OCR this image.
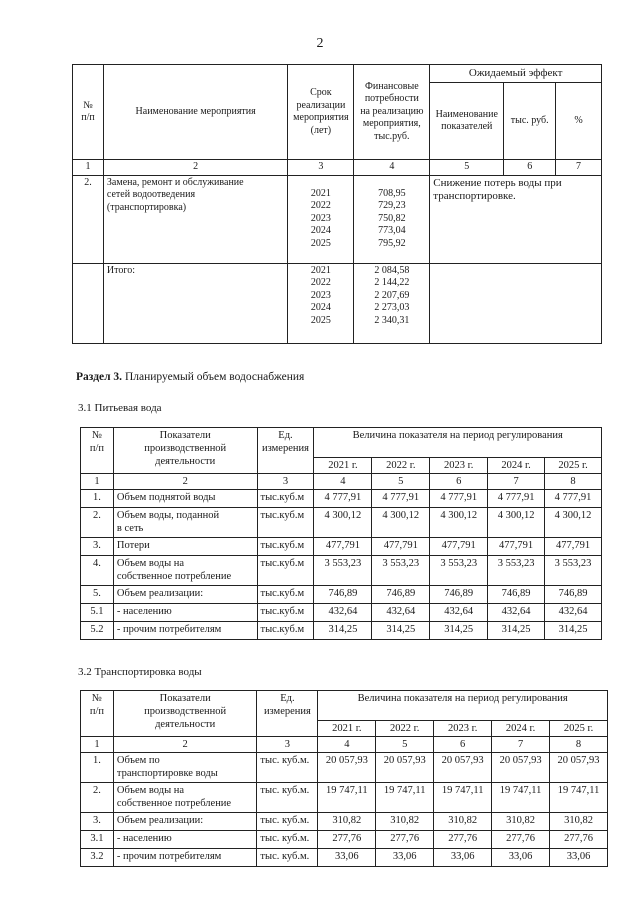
2
№
п/п	Наименование мероприятия	Срок
реализации
мероприятия
(лет)	Финансовые
потребности
на реализацию
мероприятия,
тыс.руб.	Ожидаемый эффект		
				Наименование
показателей	тыс. руб.	%
1	2	3	4	5	6	7
2.	Замена, ремонт и обслуживание
сетей водоотведения
(транспортировка)	2021
2022
2023
2024
2025	708,95
729,23
750,82
773,04
795,92	Снижение потерь воды при
транспортировке.		
	Итого:	2021
2022
2023
2024
2025	2 084,58
2 144,22
2 207,69
2 273,03
2 340,31			
Раздел 3. Планируемый объем водоснабжения
3.1 Питьевая вода
№
п/п	Показатели
производственной
деятельности	Ед.
измерения	Величина показателя на период регулирования				
			2021 г.	2022 г.	2023 г.	2024 г.	2025 г.
1	2	3	4	5	6	7	8
1.	Объем поднятой воды	тыс.куб.м	4 777,91	4 777,91	4 777,91	4 777,91	4 777,91
2.	Объем воды, поданной
в сеть	тыс.куб.м	4 300,12	4 300,12	4 300,12	4 300,12	4 300,12
3.	Потери	тыс.куб.м	477,791	477,791	477,791	477,791	477,791
4.	Объем воды на
собственное потребление	тыс.куб.м	3 553,23	3 553,23	3 553,23	3 553,23	3 553,23
5.	Объем реализации:	тыс.куб.м	746,89	746,89	746,89	746,89	746,89
5.1	- населению	тыс.куб.м	432,64	432,64	432,64	432,64	432,64
5.2	- прочим потребителям	тыс.куб.м	314,25	314,25	314,25	314,25	314,25
3.2 Транспортировка воды
№
п/п	Показатели
производственной
деятельности	Ед.
измерения	Величина показателя на период регулирования				
			2021 г.	2022 г.	2023 г.	2024 г.	2025 г.
1	2	3	4	5	6	7	8
1.	Объем по
транспортировке воды	тыс. куб.м.	20 057,93	20 057,93	20 057,93	20 057,93	20 057,93
2.	Объем воды на
собственное потребление	тыс. куб.м.	19 747,11	19 747,11	19 747,11	19 747,11	19 747,11
3.	Объем реализации:	тыс. куб.м.	310,82	310,82	310,82	310,82	310,82
3.1	- населению	тыс. куб.м.	277,76	277,76	277,76	277,76	277,76
3.2	- прочим потребителям	тыс. куб.м.	33,06	33,06	33,06	33,06	33,06
